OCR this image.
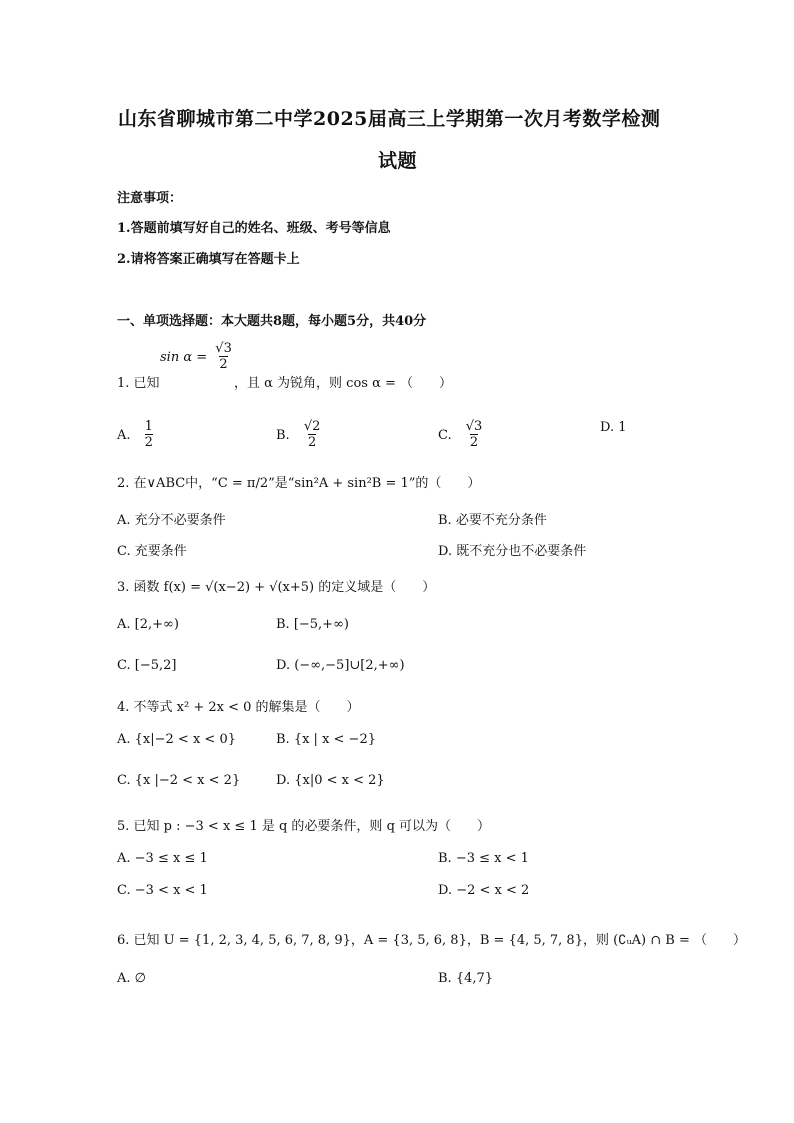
山东省聊城市第二中学2025届高三上学期第一次月考数学检测
试题
注意事项：
1.答题前填写好自己的姓名、班级、考号等信息
2.请将答案正确填写在答题卡上
一、单项选择题：本大题共8题，每小题5分，共40分
1. 已知
$\sin \alpha = \frac{√3}{2}$
，且 α 为锐角，则 cos α = （　　）
A. $\frac{1}{2}$	B. $\frac{√2}{2}$	C. $\frac{√3}{2}$	D. 1
2. 在∨ABC中，“C = π/2”是“sin²A + sin²B = 1”的（　　）
A. 充分不必要条件	B. 必要不充分条件
C. 充要条件	D. 既不充分也不必要条件
3. 函数 f(x) = √(x−2) + √(x+5) 的定义域是（　　）
A. [2,+∞)	B. [−5,+∞)
C. [−5,2]	D. (−∞,−5]∪[2,+∞)
4. 不等式 x² + 2x < 0 的解集是（　　）
A. {x|−2 < x < 0}	B. {x | x < −2}
C. {x |−2 < x < 2}	D. {x|0 < x < 2}
5. 已知 p : −3 < x ≤ 1 是 q 的必要条件，则 q 可以为（　　）
A. −3 ≤ x ≤ 1	B. −3 ≤ x < 1
C. −3 < x < 1	D. −2 < x < 2
6. 已知 U = {1, 2, 3, 4, 5, 6, 7, 8, 9}，A = {3, 5, 6, 8}，B = {4, 5, 7, 8}，则 (∁ᵤA) ∩ B = （　　）
A. ∅	B. {4,7}
